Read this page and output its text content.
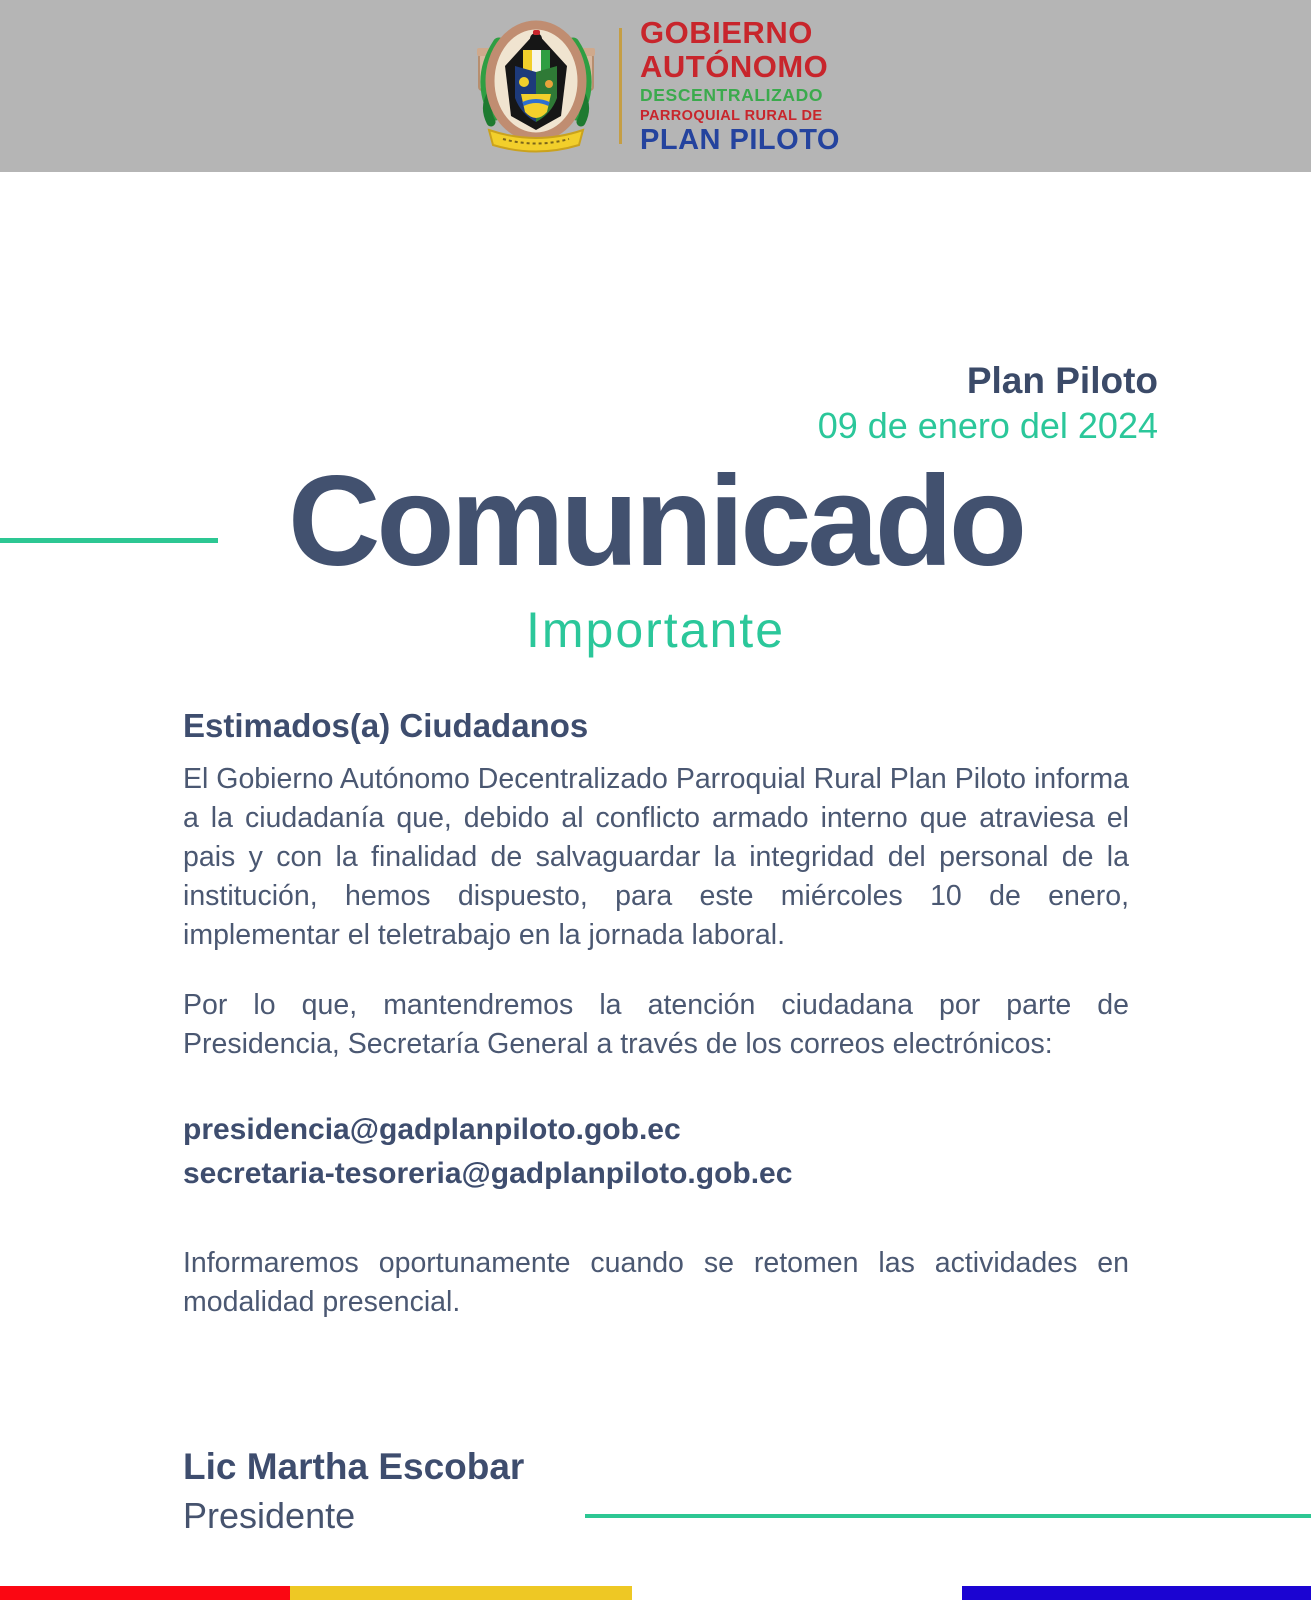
GOBIERNO
AUTÓNOMO
DESCENTRALIZADO
PARROQUIAL RURAL DE
PLAN PILOTO
Plan Piloto
09 de enero del 2024
Comunicado
Importante
Estimados(a) Ciudadanos

El Gobierno Autónomo Decentralizado Parroquial Rural Plan Piloto informa a la ciudadanía que, debido al conflicto armado interno que atraviesa el pais y con la finalidad de salvaguardar la integridad del personal de la institución, hemos dispuesto, para este miércoles 10 de enero, implementar el teletrabajo en la jornada laboral.

Por lo que, mantendremos la atención ciudadana por parte de Presidencia, Secretaría General a través de los correos electrónicos:

presidencia@gadplanpiloto.gob.ec
secretaria-tesoreria@gadplanpiloto.gob.ec

Informaremos oportunamente cuando se retomen las actividades en modalidad presencial.

Lic Martha Escobar
Presidente
